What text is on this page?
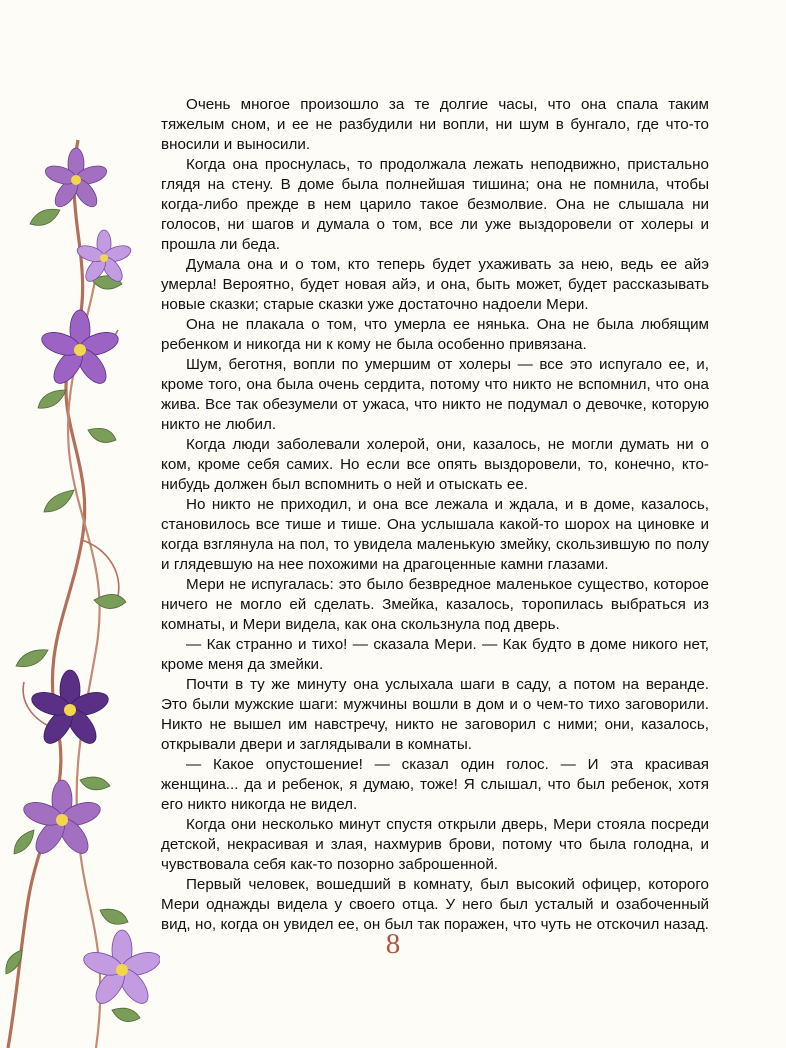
Очень многое произошло за те долгие часы, что она спала таким тяжелым сном, и ее не разбудили ни вопли, ни шум в бунгало, где что-то вносили и выносили.

Когда она проснулась, то продолжала лежать неподвижно, пристально глядя на стену. В доме была полнейшая тишина; она не помнила, чтобы когда-либо прежде в нем царило такое безмолвие. Она не слышала ни голосов, ни шагов и думала о том, все ли уже выздоровели от холеры и прошла ли беда.

Думала она и о том, кто теперь будет ухаживать за нею, ведь ее айэ умерла! Вероятно, будет новая айэ, и она, быть может, будет рассказывать новые сказки; старые сказки уже достаточно надоели Мери.

Она не плакала о том, что умерла ее нянька. Она не была любящим ребенком и никогда ни к кому не была особенно привязана.

Шум, беготня, вопли по умершим от холеры — все это испугало ее, и, кроме того, она была очень сердита, потому что никто не вспомнил, что она жива. Все так обезумели от ужаса, что никто не подумал о девочке, которую никто не любил.

Когда люди заболевали холерой, они, казалось, не могли думать ни о ком, кроме себя самих. Но если все опять выздоровели, то, конечно, кто-нибудь должен был вспомнить о ней и отыскать ее.

Но никто не приходил, и она все лежала и ждала, и в доме, казалось, становилось все тише и тише. Она услышала какой-то шорох на циновке и когда взглянула на пол, то увидела маленькую змейку, скользившую по полу и глядевшую на нее похожими на драгоценные камни глазами.

Мери не испугалась: это было безвредное маленькое существо, которое ничего не могло ей сделать. Змейка, казалось, торопилась выбраться из комнаты, и Мери видела, как она скользнула под дверь.

— Как странно и тихо! — сказала Мери. — Как будто в доме никого нет, кроме меня да змейки.

Почти в ту же минуту она услыхала шаги в саду, а потом на веранде. Это были мужские шаги: мужчины вошли в дом и о чем-то тихо заговорили. Никто не вышел им навстречу, никто не заговорил с ними; они, казалось, открывали двери и заглядывали в комнаты.

— Какое опустошение! — сказал один голос. — И эта красивая женщина... да и ребенок, я думаю, тоже! Я слышал, что был ребенок, хотя его никто никогда не видел.

Когда они несколько минут спустя открыли дверь, Мери стояла посреди детской, некрасивая и злая, нахмурив брови, потому что была голодна, и чувствовала себя как-то позорно заброшенной.

Первый человек, вошедший в комнату, был высокий офицер, которого Мери однажды видела у своего отца. У него был усталый и озабоченный вид, но, когда он увидел ее, он был так поражен, что чуть не отскочил назад.

8
